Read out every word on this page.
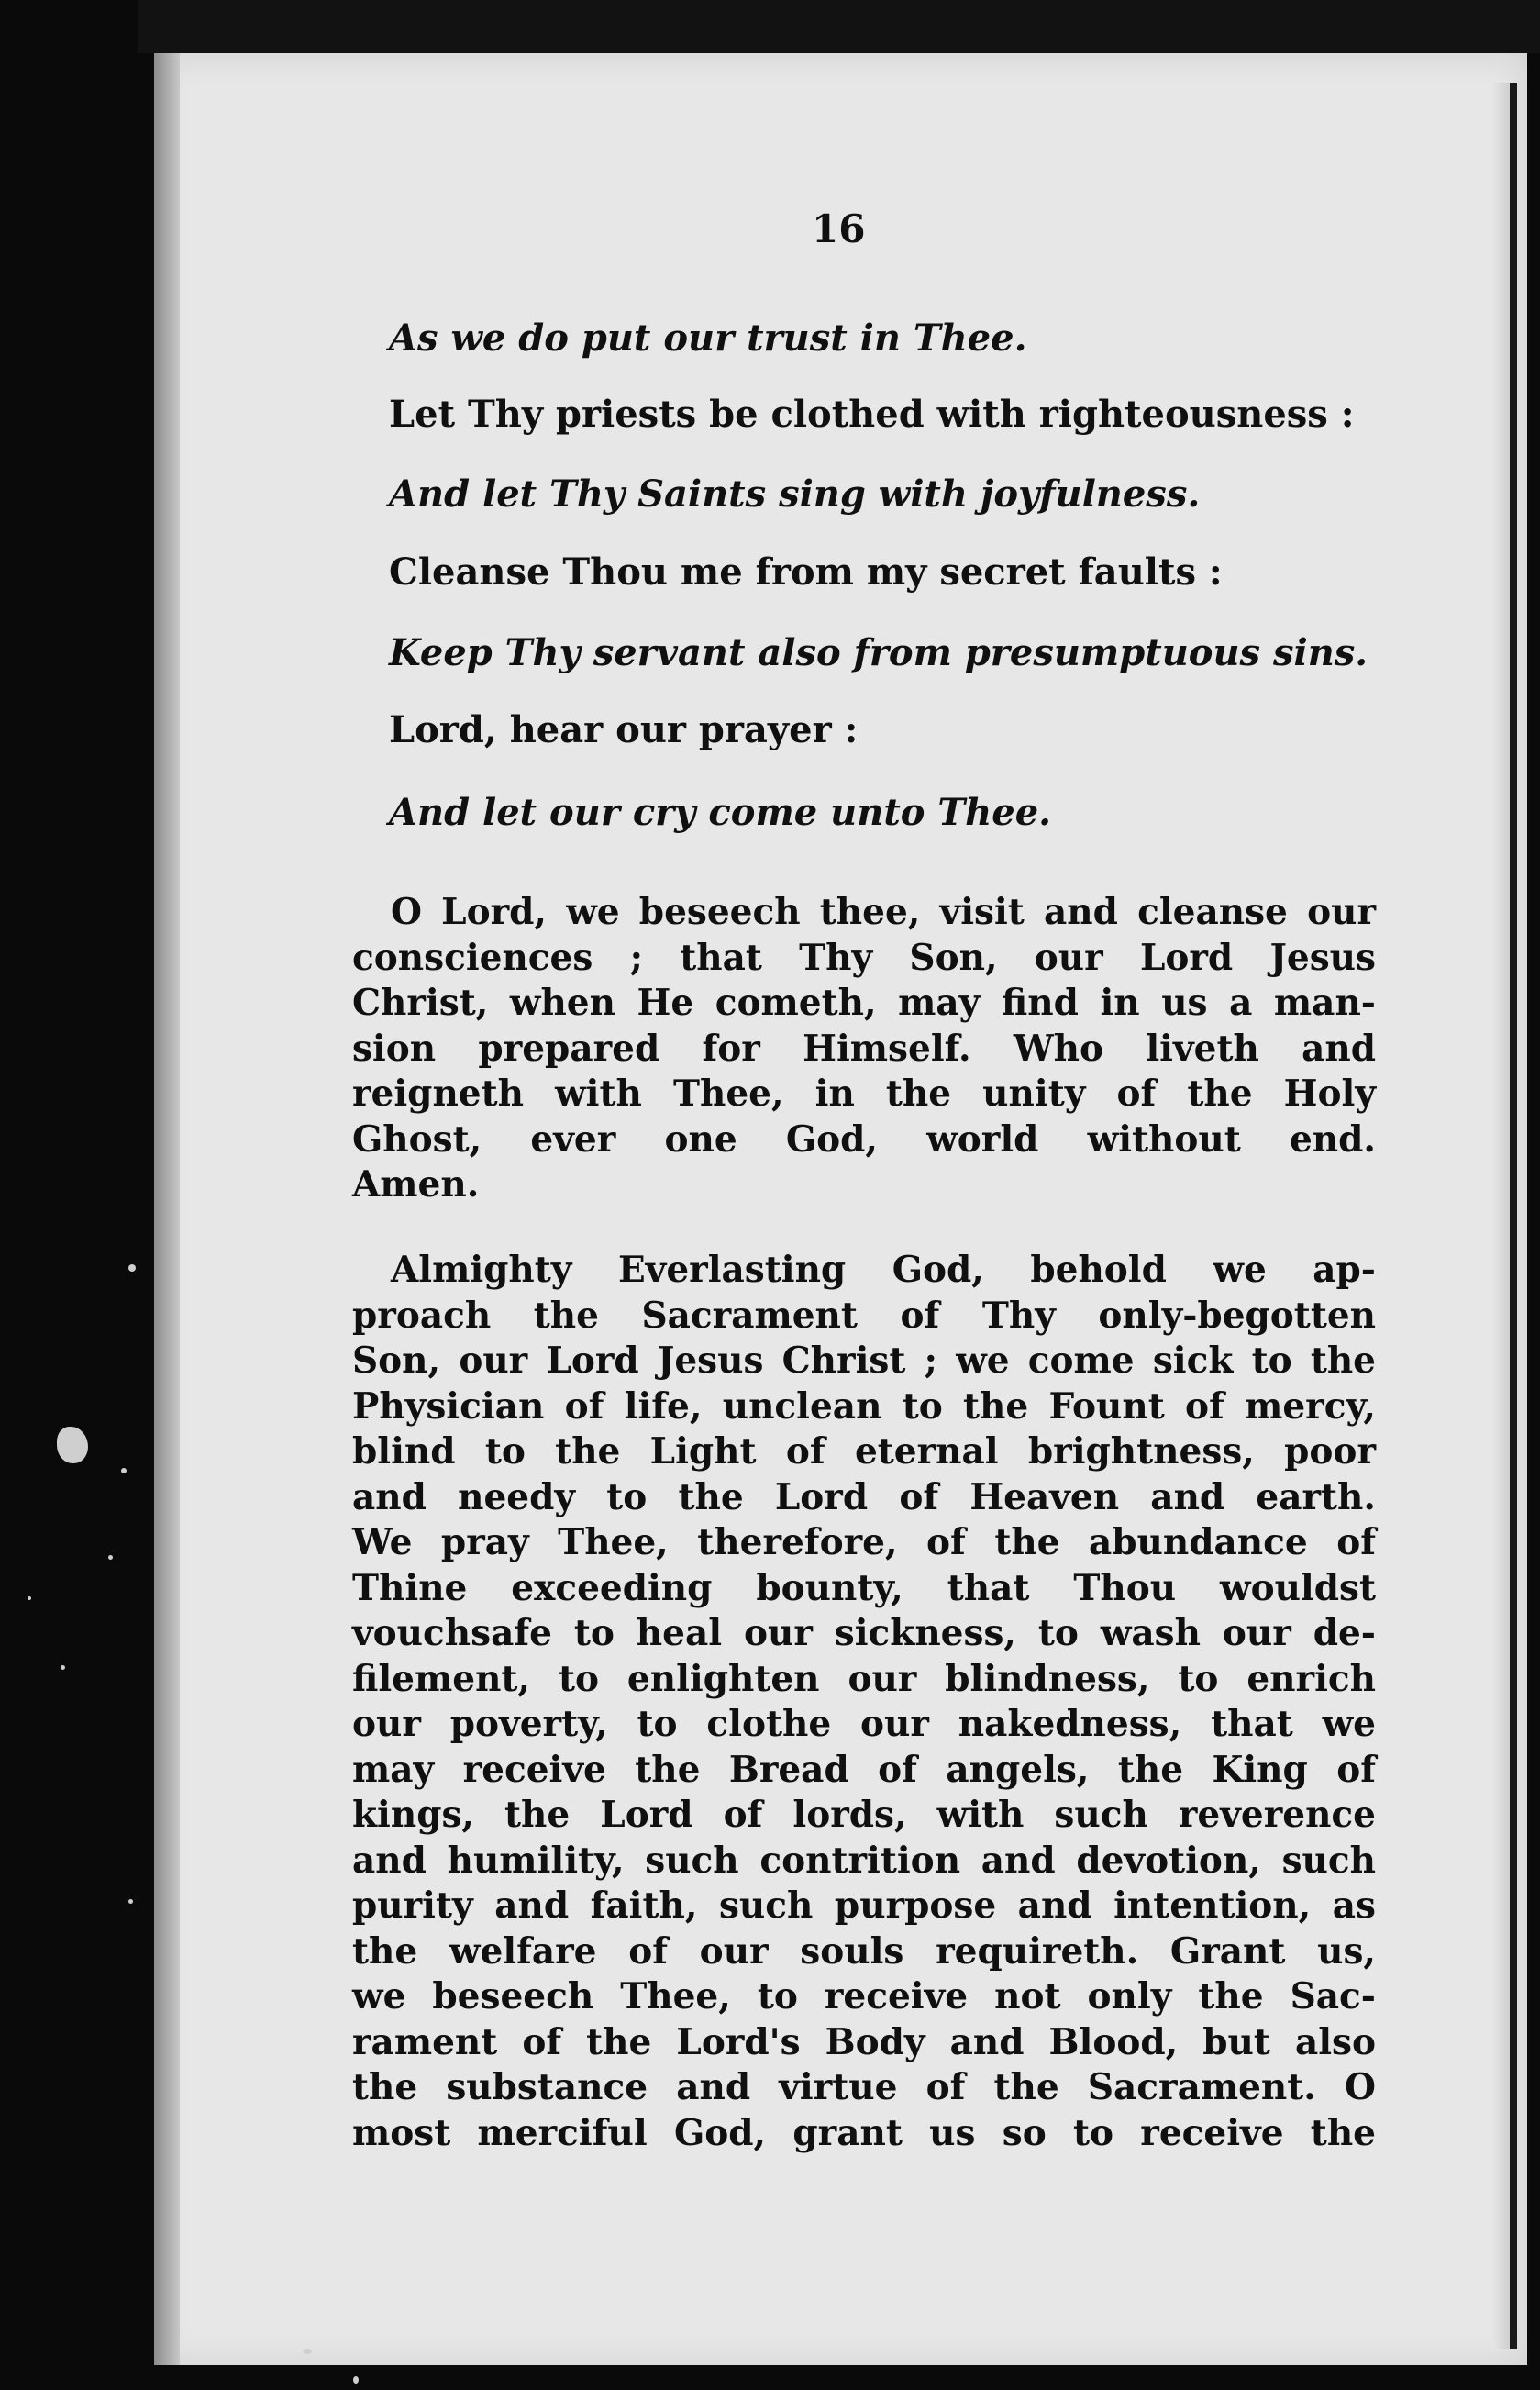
16
As we do put our trust in Thee.
Let Thy priests be clothed with righteousness :
And let Thy Saints sing with joyfulness.
Cleanse Thou me from my secret faults :
Keep Thy servant also from presumptuous sins.
Lord, hear our prayer :
And let our cry come unto Thee.
O Lord, we beseech thee, visit and cleanse our
consciences ; that Thy Son, our Lord Jesus
Christ, when He cometh, may find in us a man-
sion prepared for Himself. Who liveth and
reigneth with Thee, in the unity of the Holy
Ghost, ever one God, world without end.
Amen.
Almighty Everlasting God, behold we ap-
proach the Sacrament of Thy only-begotten
Son, our Lord Jesus Christ ; we come sick to the
Physician of life, unclean to the Fount of mercy,
blind to the Light of eternal brightness, poor
and needy to the Lord of Heaven and earth.
We pray Thee, therefore, of the abundance of
Thine exceeding bounty, that Thou wouldst
vouchsafe to heal our sickness, to wash our de-
filement, to enlighten our blindness, to enrich
our poverty, to clothe our nakedness, that we
may receive the Bread of angels, the King of
kings, the Lord of lords, with such reverence
and humility, such contrition and devotion, such
purity and faith, such purpose and intention, as
the welfare of our souls requireth. Grant us,
we beseech Thee, to receive not only the Sac-
rament of the Lord's Body and Blood, but also
the substance and virtue of the Sacrament. O
most merciful God, grant us so to receive the
